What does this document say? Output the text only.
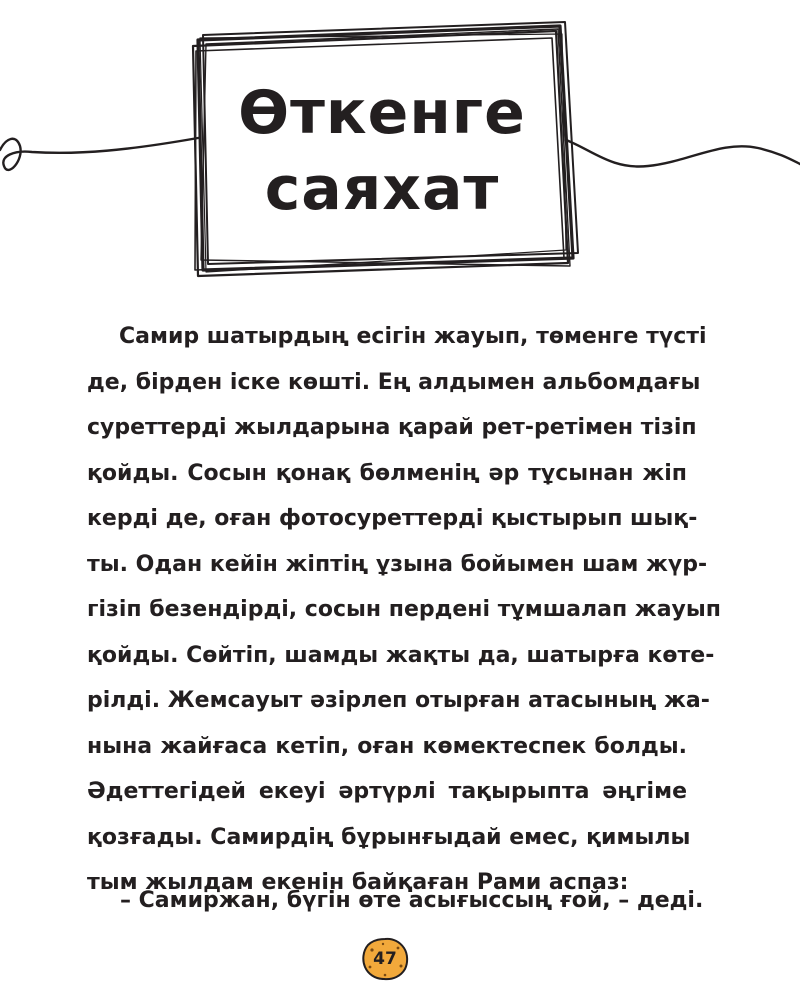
Өткенге
саяхат
Самир шатырдың есігін жауып, төменге түсті
де, бірден іске көшті. Ең алдымен альбомдағы
суреттерді жылдарына қарай рет-ретімен тізіп
қойды. Сосын қонақ бөлменің әр тұсынан жіп
керді де, оған фотосуреттерді қыстырып шық-
ты. Одан кейін жіптің ұзына бойымен шам жүр-
гізіп безендірді, сосын пердені тұмшалап жауып
қойды. Сөйтіп, шамды жақты да, шатырға көте-
рілді. Жемсауыт әзірлеп отырған атасының жа-
нына жайғаса кетіп, оған көмектеспек болды.
Әдеттегідей екеуі әртүрлі тақырыпта әңгіме
қозғады. Самирдің бұрынғыдай емес, қимылы
тым жылдам екенін байқаған Рами аспаз:
– Самиржан, бүгін өте асығыссың ғой, – деді.
47
